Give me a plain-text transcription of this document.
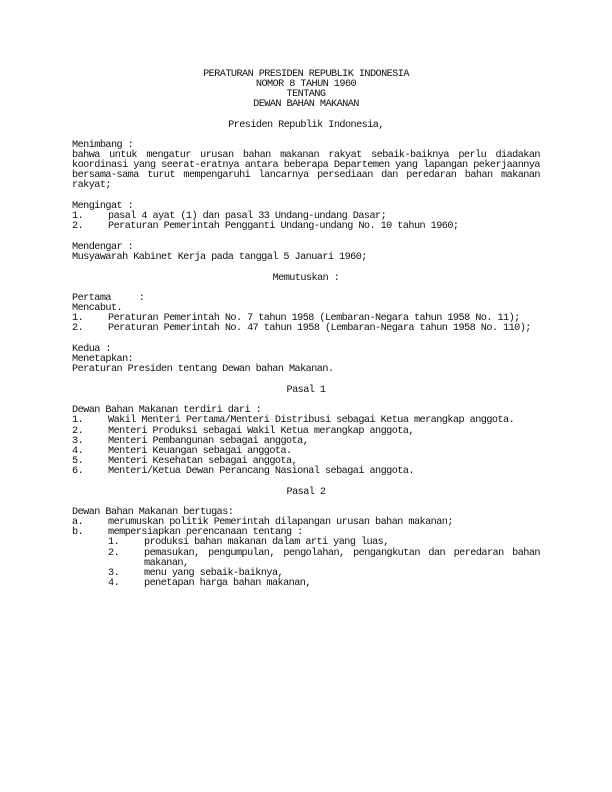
PERATURAN PRESIDEN REPUBLIK INDONESIA
NOMOR 8 TAHUN 1960
TENTANG
DEWAN BAHAN MAKANAN
Presiden Republik Indonesia,
Menimbang :
bahwa untuk mengatur urusan bahan makanan rakyat sebaik-baiknya perlu diadakan koordinasi yang seerat-eratnya antara beberapa Departemen yang lapangan pekerjaannya bersama-sama turut mempengaruhi lancarnya persediaan dan peredaran bahan makanan rakyat;
Mengingat :
1.	pasal 4 ayat (1) dan pasal 33 Undang-undang Dasar;
2.	Peraturan Pemerintah Pengganti Undang-undang No. 10 tahun 1960;
Mendengar :
Musyawarah Kabinet Kerja pada tanggal 5 Januari 1960;
Memutuskan :
Pertama     :
Mencabut.
1.	Peraturan Pemerintah No. 7 tahun 1958 (Lembaran-Negara tahun 1958 No. 11);
2.	Peraturan Pemerintah No. 47 tahun 1958 (Lembaran-Negara tahun 1958 No. 110);
Kedua :
Menetapkan:
Peraturan Presiden tentang Dewan bahan Makanan.
Pasal 1
Dewan Bahan Makanan terdiri dari :
1.	Wakil Menteri Pertama/Menteri Distribusi sebagai Ketua merangkap anggota.
2.	Menteri Produksi sebagai Wakil Ketua merangkap anggota,
3.	Menteri Pembangunan sebagai anggota,
4.	Menteri Keuangan sebagai anggota.
5.	Menteri Kesehatan sebagai anggota,
6.	Menteri/Ketua Dewan Perancang Nasional sebagai anggota.
Pasal 2
Dewan Bahan Makanan bertugas:
a.	merumuskan politik Pemerintah dilapangan urusan bahan makanan;
b.	mempersiapkan perencanaan tentang :
1.	produksi bahan makanan dalam arti yang luas,
2.	pemasukan, pengumpulan, pengolahan, pengangkutan dan peredaran bahan makanan,
3.	menu yang sebaik-baiknya,
4.	penetapan harga bahan makanan,
